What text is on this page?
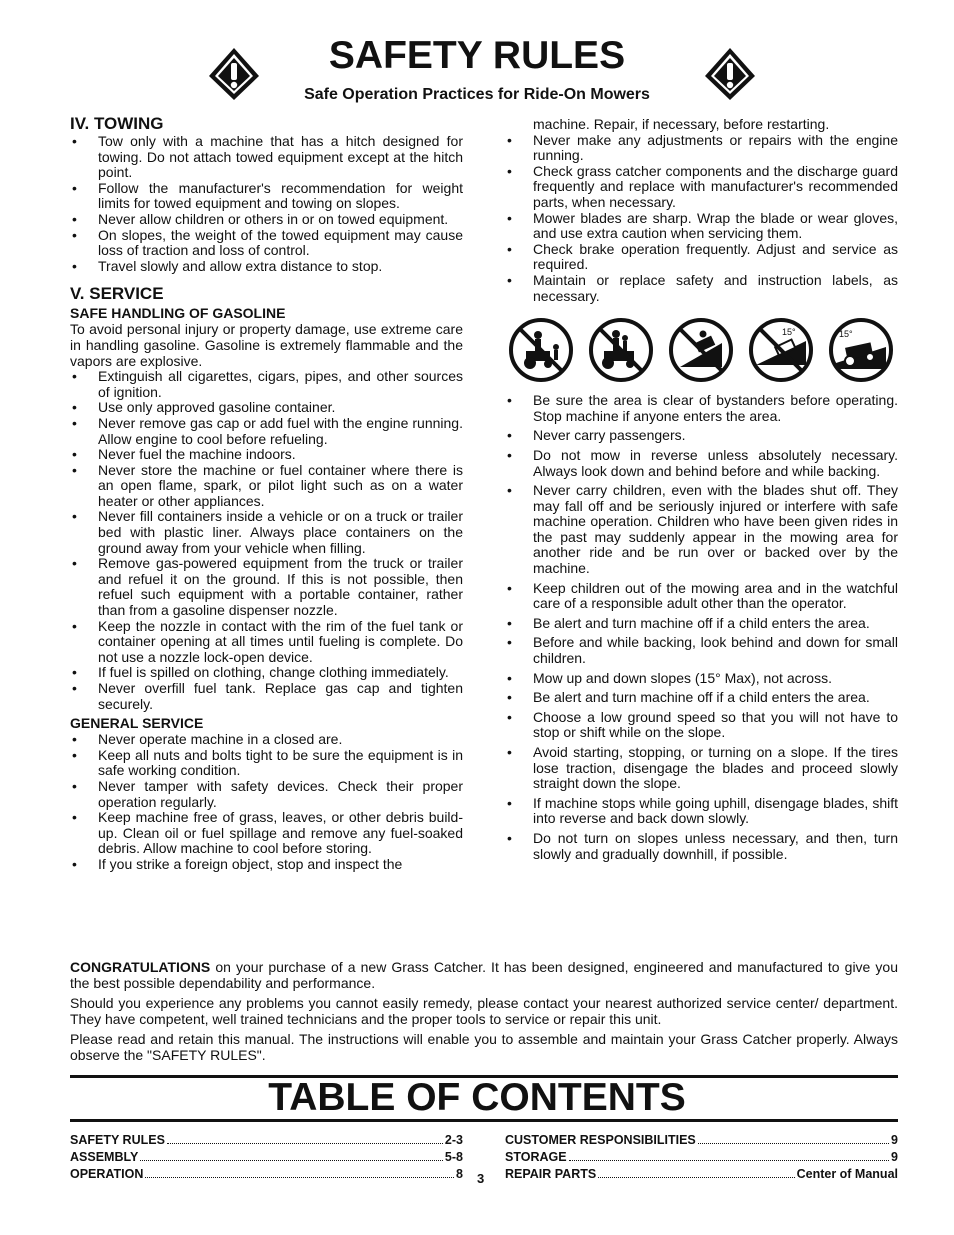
SAFETY RULES

Safe Operation Practices for Ride-On Mowers

IV. TOWING
• Tow only with a machine that has a hitch designed for towing. Do not attach towed equipment except at the hitch point.
• Follow the manufacturer's recommendation for weight limits for towed equipment and towing on slopes.
• Never allow children or others in or on towed equipment.
• On slopes, the weight of the towed equipment may cause loss of traction and loss of control.
• Travel slowly and allow extra distance to stop.
V. SERVICE
SAFE HANDLING OF GASOLINE

To avoid personal injury or property damage, use extreme care in handling gasoline. Gasoline is extremely flammable and the vapors are explosive.

• Extinguish all cigarettes, cigars, pipes, and other sources of ignition.
• Use only approved gasoline container.
• Never remove gas cap or add fuel with the engine running. Allow engine to cool before refueling.
• Never fuel the machine indoors.
• Never store the machine or fuel container where there is an open flame, spark, or pilot light such as on a water heater or other appliances.
• Never fill containers inside a vehicle or on a truck or trailer bed with plastic liner. Always place containers on the ground away from your vehicle when filling.
• Remove gas-powered equipment from the truck or trailer and refuel it on the ground. If this is not possible, then refuel such equipment with a portable container, rather than from a gasoline dispenser nozzle.
• Keep the nozzle in contact with the rim of the fuel tank or container opening at all times until fueling is complete. Do not use a nozzle lock-open device.
• If fuel is spilled on clothing, change clothing immediately.
• Never overfill fuel tank. Replace gas cap and tighten securely.
GENERAL SERVICE
• Never operate machine in a closed are.
• Keep all nuts and bolts tight to be sure the equipment is in safe working condition.
• Never tamper with safety devices. Check their proper operation regularly.
• Keep machine free of grass, leaves, or other debris build-up. Clean oil or fuel spillage and remove any fuel-soaked debris. Allow machine to cool before storing.
• If you strike a foreign object, stop and inspect the

machine. Repair, if necessary, before restarting.

• Never make any adjustments or repairs with the engine running.
• Check grass catcher components and the discharge guard frequently and replace with manufacturer's recommended parts, when necessary.
• Mower blades are sharp. Wrap the blade or wear gloves, and use extra caution when servicing them.
• Check brake operation frequently. Adjust and service as required.
• Maintain or replace safety and instruction labels, as necessary.
15°	15°
• Be sure the area is clear of bystanders before operating. Stop machine if anyone enters the area.
• Never carry passengers.
• Do not mow in reverse unless absolutely necessary. Always look down and behind before and while backing.
• Never carry children, even with the blades shut off. They may fall off and be seriously injured or interfere with safe machine operation. Children who have been given rides in the past may suddenly appear in the mowing area for another ride and be run over or backed over by the machine.
• Keep children out of the mowing area and in the watchful care of a responsible adult other than the operator.
• Be alert and turn machine off if a child enters the area.
• Before and while backing, look behind and down for small children.
• Mow up and down slopes (15° Max), not across.
• Be alert and turn machine off if a child enters the area.
• Choose a low ground speed so that you will not have to stop or shift while on the slope.
• Avoid starting, stopping, or turning on a slope. If the tires lose traction, disengage the blades and proceed slowly straight down the slope.
• If machine stops while going uphill, disengage blades, shift into reverse and back down slowly.
• Do not turn on slopes unless necessary, and then, turn slowly and gradually downhill, if possible.

CONGRATULATIONS on your purchase of a new Grass Catcher. It has been designed, engineered and manufactured to give you the best possible dependability and performance.

Should you experience any problems you cannot easily remedy, please contact your nearest authorized service center/ department. They have competent, well trained technicians and the proper tools to service or repair this unit.

Please read and retain this manual. The instructions will enable you to assemble and maintain your Grass Catcher properly. Always observe the "SAFETY RULES".

TABLE OF CONTENTS
SAFETY RULES	2-3
ASSEMBLY	5-8
OPERATION	8
CUSTOMER RESPONSIBILITIES	9
STORAGE	9
REPAIR PARTS	Center of Manual
3
